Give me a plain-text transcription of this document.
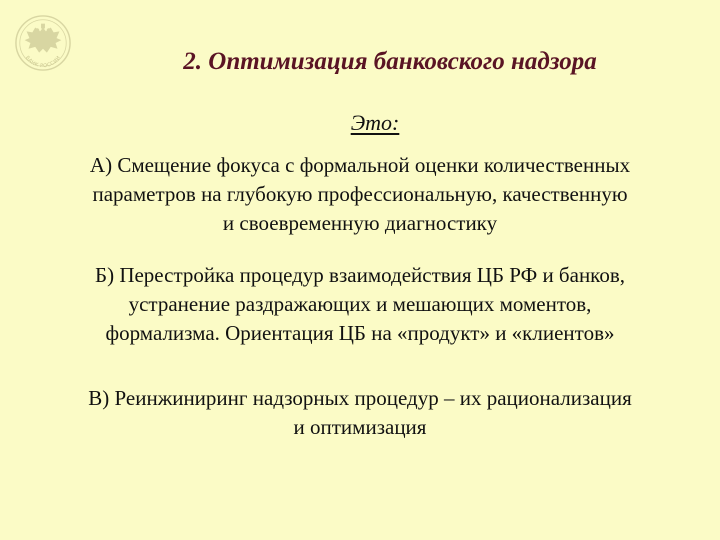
БАНК РОССИИ	2. Оптимизация банковского надзора
Это:
А) Смещение фокуса с формальной оценки количественных
параметров на глубокую профессиональную, качественную
и своевременную диагностику
Б) Перестройка процедур взаимодействия ЦБ РФ и банков,
устранение раздражающих и мешающих моментов,
формализма. Ориентация ЦБ на «продукт» и «клиентов»
В) Реинжиниринг надзорных процедур – их рационализация
и оптимизация
